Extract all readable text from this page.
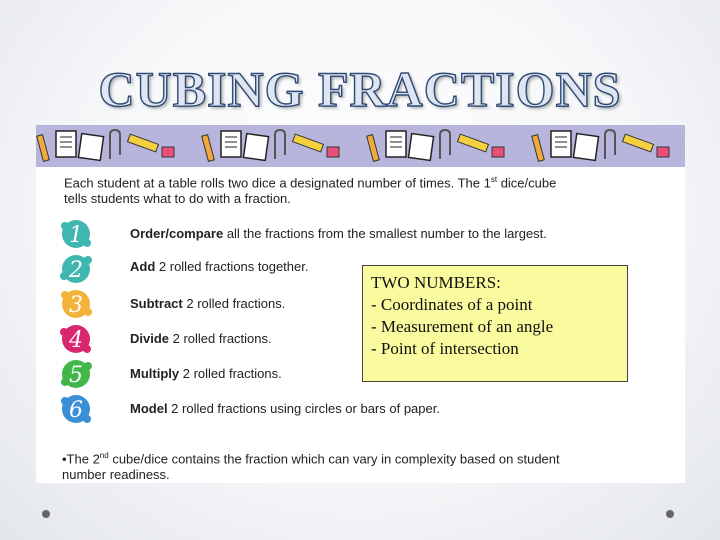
CUBING FRACTIONS
Each student at a table rolls two dice a designated number of times. The 1st dice/cube
tells students what to do with a fraction.
1	Order/compare all the fractions from the smallest number to the largest.
2	Add 2 rolled fractions together.
3	Subtract 2 rolled fractions.
4	Divide 2 rolled fractions.
5	Multiply 2 rolled fractions.
6	Model 2 rolled fractions using circles or bars of paper.
•The 2nd cube/dice contains the fraction which can vary in complexity based on student
number readiness.
TWO NUMBERS:
- Coordinates of a point
- Measurement of an angle
- Point of intersection
